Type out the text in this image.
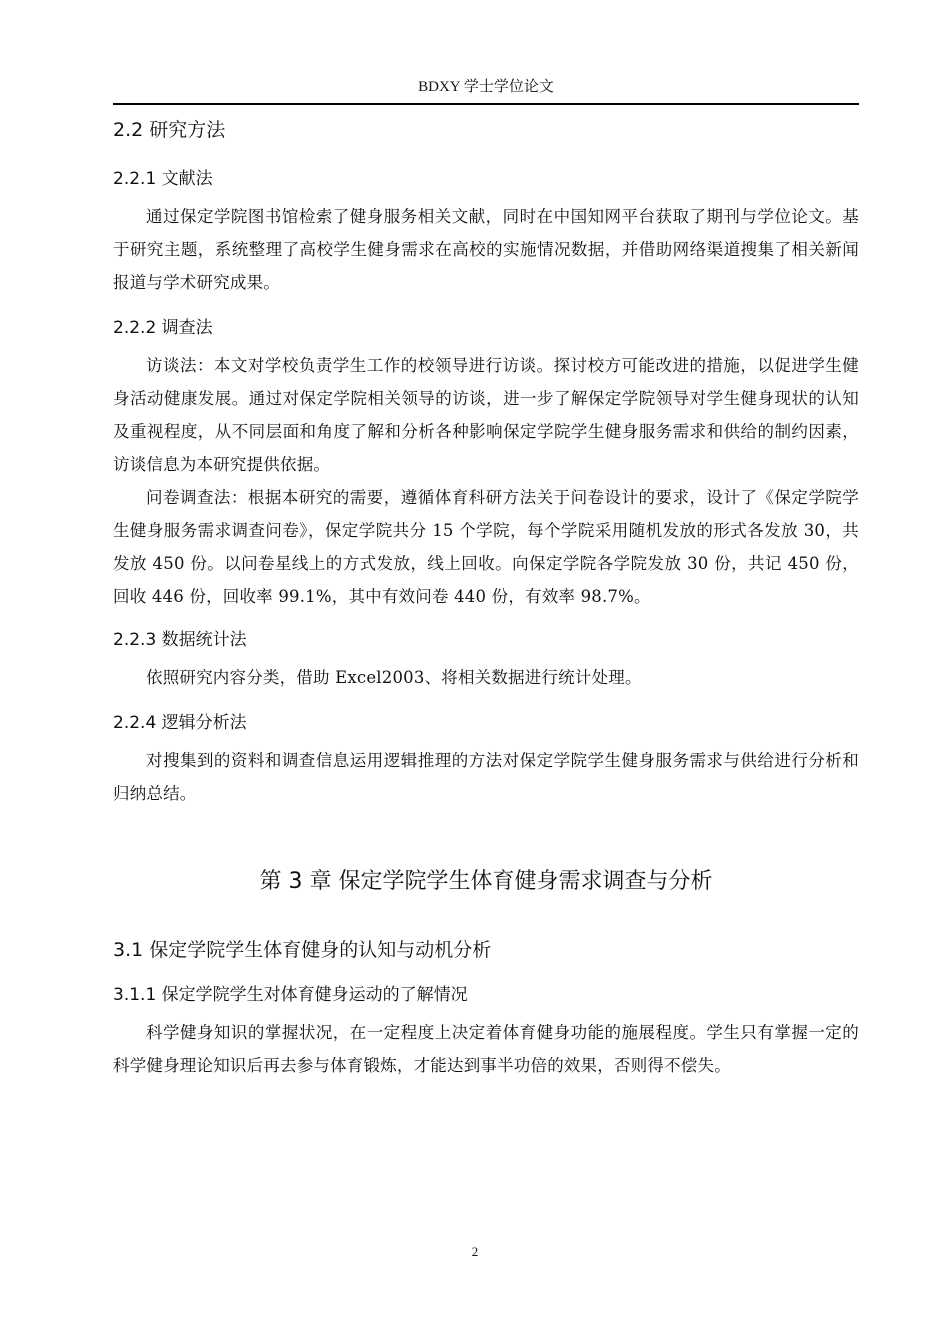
BDXY 学士学位论文
2.2 研究方法
2.2.1 文献法

通过保定学院图书馆检索了健身服务相关文献，同时在中国知网平台获取了期刊与学位论文。基于研究主题，系统整理了高校学生健身需求在高校的实施情况数据，并借助网络渠道搜集了相关新闻报道与学术研究成果。

2.2.2 调查法

访谈法：本文对学校负责学生工作的校领导进行访谈。探讨校方可能改进的措施，以促进学生健身活动健康发展。通过对保定学院相关领导的访谈，进一步了解保定学院领导对学生健身现状的认知及重视程度，从不同层面和角度了解和分析各种影响保定学院学生健身服务需求和供给的制约因素，访谈信息为本研究提供依据。

问卷调查法：根据本研究的需要，遵循体育科研方法关于问卷设计的要求，设计了《保定学院学生健身服务需求调查问卷》，保定学院共分 15 个学院，每个学院采用随机发放的形式各发放 30，共发放 450 份。以问卷星线上的方式发放，线上回收。向保定学院各学院发放 30 份，共记 450 份，回收 446 份，回收率 99.1%，其中有效问卷 440 份，有效率 98.7%。

2.2.3 数据统计法

依照研究内容分类，借助 Excel2003、将相关数据进行统计处理。

2.2.4 逻辑分析法

对搜集到的资料和调查信息运用逻辑推理的方法对保定学院学生健身服务需求与供给进行分析和归纳总结。

第 3 章 保定学院学生体育健身需求调查与分析
3.1 保定学院学生体育健身的认知与动机分析
3.1.1 保定学院学生对体育健身运动的了解情况

科学健身知识的掌握状况，在一定程度上决定着体育健身功能的施展程度。学生只有掌握一定的科学健身理论知识后再去参与体育锻炼，才能达到事半功倍的效果，否则得不偿失。

2
